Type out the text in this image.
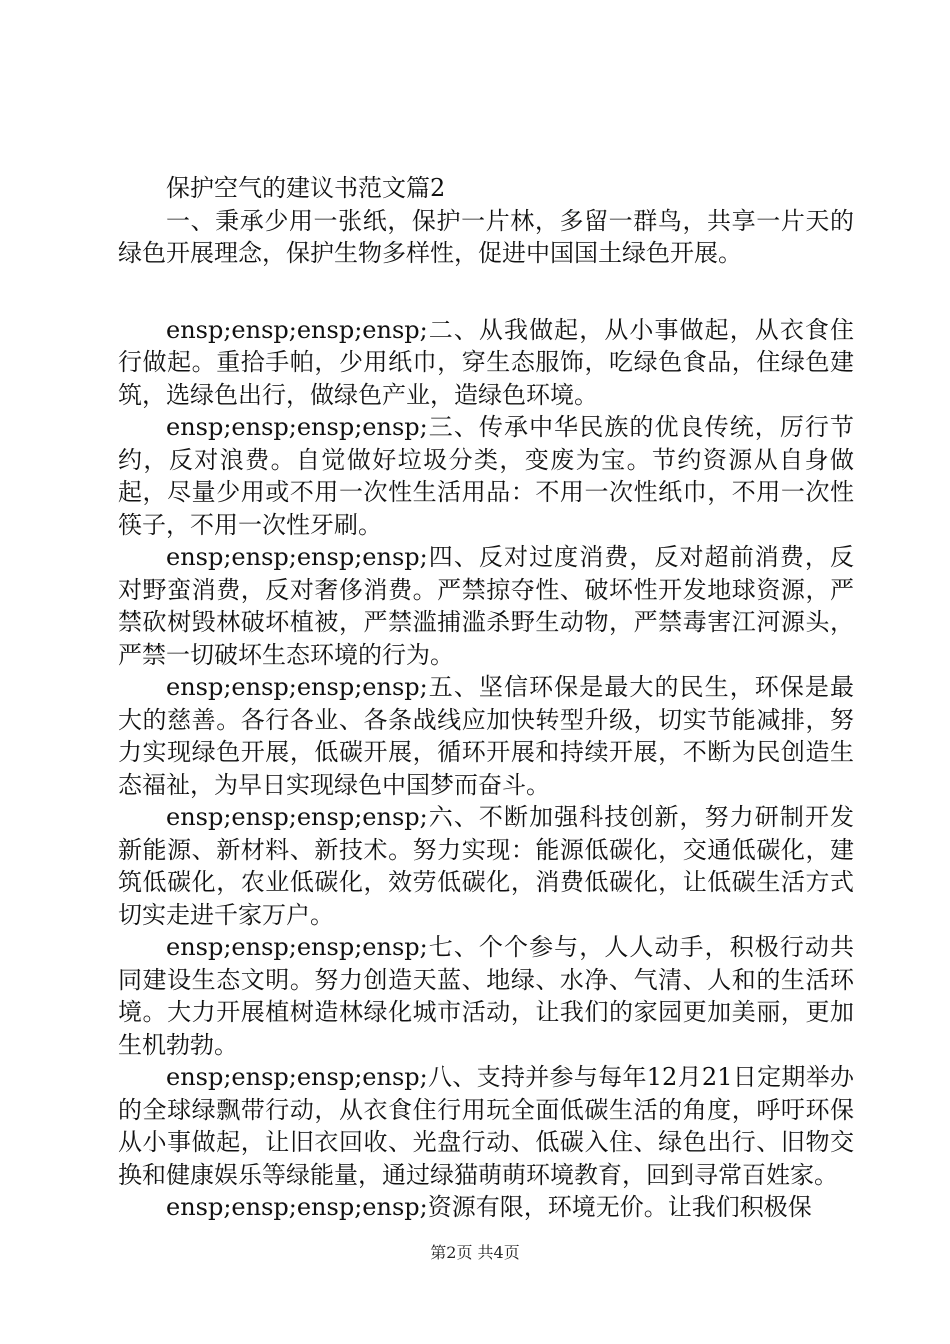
保护空气的建议书范文篇2

一、秉承少用一张纸，保护一片林，多留一群鸟，共享一片天的绿色开展理念，保护生物多样性，促进中国国土绿色开展。

ensp;ensp;ensp;ensp;二、从我做起，从小事做起，从衣食住行做起。重拾手帕，少用纸巾，穿生态服饰，吃绿色食品，住绿色建筑，选绿色出行，做绿色产业，造绿色环境。

ensp;ensp;ensp;ensp;三、传承中华民族的优良传统，厉行节约，反对浪费。自觉做好垃圾分类，变废为宝。节约资源从自身做起，尽量少用或不用一次性生活用品：不用一次性纸巾，不用一次性筷子，不用一次性牙刷。

ensp;ensp;ensp;ensp;四、反对过度消费，反对超前消费，反对野蛮消费，反对奢侈消费。严禁掠夺性、破坏性开发地球资源，严禁砍树毁林破坏植被，严禁滥捕滥杀野生动物，严禁毒害江河源头，严禁一切破坏生态环境的行为。

ensp;ensp;ensp;ensp;五、坚信环保是最大的民生，环保是最大的慈善。各行各业、各条战线应加快转型升级，切实节能减排，努力实现绿色开展，低碳开展，循环开展和持续开展，不断为民创造生态福祉，为早日实现绿色中国梦而奋斗。

ensp;ensp;ensp;ensp;六、不断加强科技创新，努力研制开发新能源、新材料、新技术。努力实现：能源低碳化，交通低碳化，建筑低碳化，农业低碳化，效劳低碳化，消费低碳化，让低碳生活方式切实走进千家万户。

ensp;ensp;ensp;ensp;七、个个参与，人人动手，积极行动共同建设生态文明。努力创造天蓝、地绿、水净、气清、人和的生活环境。大力开展植树造林绿化城市活动，让我们的家园更加美丽，更加生机勃勃。

ensp;ensp;ensp;ensp;八、支持并参与每年12月21日定期举办的全球绿飘带行动，从衣食住行用玩全面低碳生活的角度，呼吁环保从小事做起，让旧衣回收、光盘行动、低碳入住、绿色出行、旧物交换和健康娱乐等绿能量，通过绿猫萌萌环境教育，回到寻常百姓家。

ensp;ensp;ensp;ensp;资源有限，环境无价。让我们积极保

第2页 共4页
